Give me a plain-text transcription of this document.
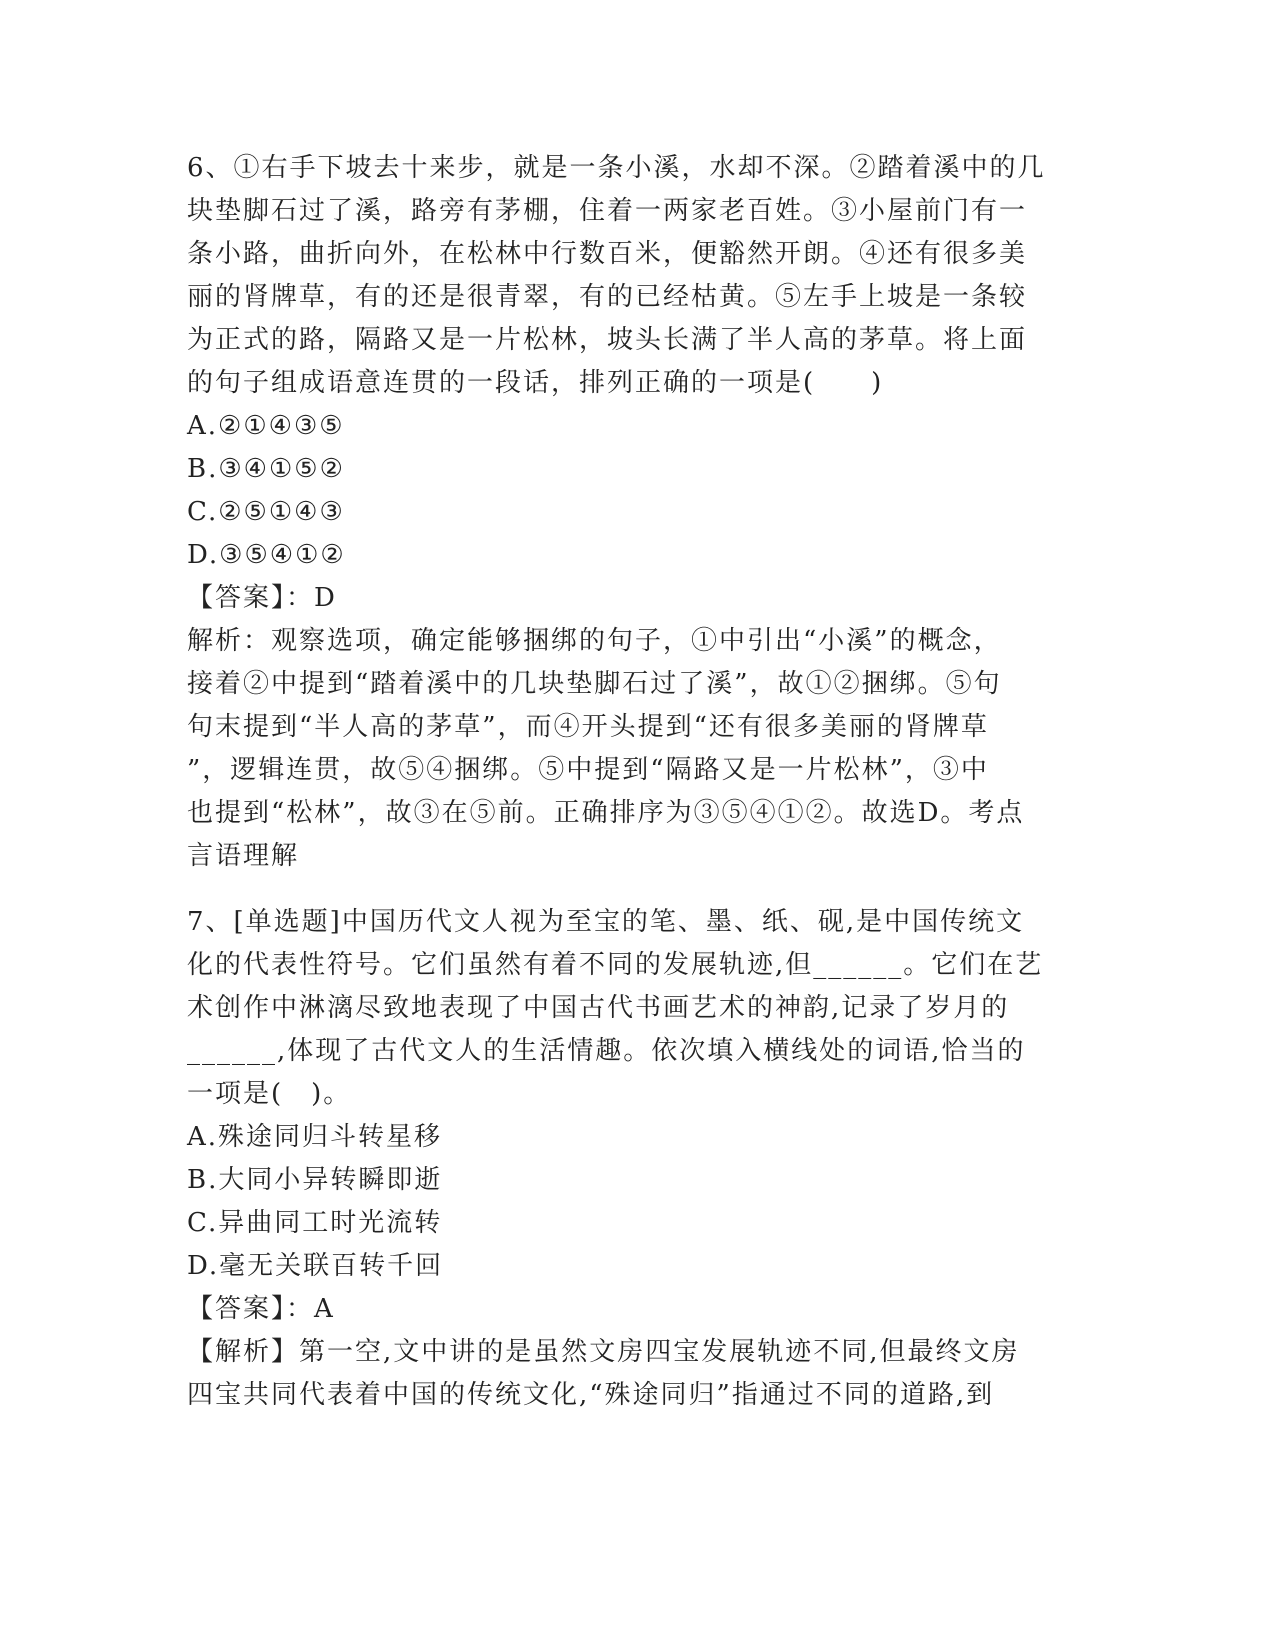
6、①右手下坡去十来步，就是一条小溪，水却不深。②踏着溪中的几
块垫脚石过了溪，路旁有茅棚，住着一两家老百姓。③小屋前门有一
条小路，曲折向外，在松林中行数百米，便豁然开朗。④还有很多美
丽的肾牌草，有的还是很青翠，有的已经枯黄。⑤左手上坡是一条较
为正式的路，隔路又是一片松林，坡头长满了半人高的茅草。将上面
的句子组成语意连贯的一段话，排列正确的一项是(　　)
A.②①④③⑤
B.③④①⑤②
C.②⑤①④③
D.③⑤④①②
【答案】：D
解析：观察选项，确定能够捆绑的句子，①中引出“小溪”的概念，
接着②中提到“踏着溪中的几块垫脚石过了溪”，故①②捆绑。⑤句
句末提到“半人高的茅草”，而④开头提到“还有很多美丽的肾牌草
”，逻辑连贯，故⑤④捆绑。⑤中提到“隔路又是一片松林”，③中
也提到“松林”，故③在⑤前。正确排序为③⑤④①②。故选D。考点
言语理解
7、[单选题]中国历代文人视为至宝的笔、墨、纸、砚,是中国传统文
化的代表性符号。它们虽然有着不同的发展轨迹,但______。它们在艺
术创作中淋漓尽致地表现了中国古代书画艺术的神韵,记录了岁月的
______,体现了古代文人的生活情趣。依次填入横线处的词语,恰当的
一项是(　)。
A.殊途同归斗转星移
B.大同小异转瞬即逝
C.异曲同工时光流转
D.毫无关联百转千回
【答案】：A
【解析】第一空,文中讲的是虽然文房四宝发展轨迹不同,但最终文房
四宝共同代表着中国的传统文化,“殊途同归”指通过不同的道路,到
